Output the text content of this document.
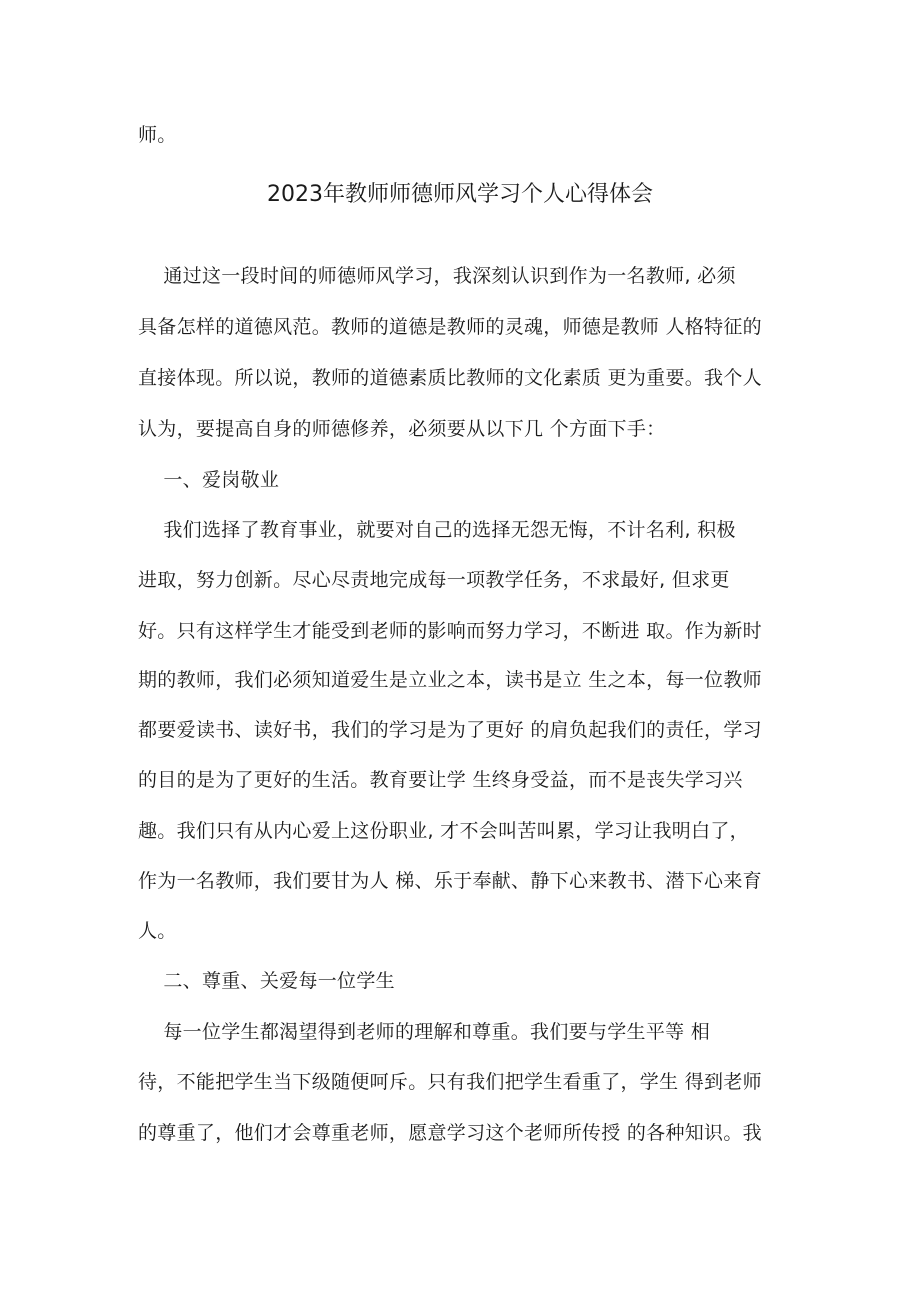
师。
2023年教师师德师风学习个人心得体会
通过这一段时间的师德师风学习，我深刻认识到作为一名教师, 必须
具备怎样的道德风范。教师的道德是教师的灵魂，师德是教师 人格特征的
直接体现。所以说，教师的道德素质比教师的文化素质 更为重要。我个人
认为，要提高自身的师德修养，必须要从以下几 个方面下手：
一、爱岗敬业
我们选择了教育事业，就要对自己的选择无怨无悔，不计名利, 积极
进取，努力创新。尽心尽责地完成每一项教学任务，不求最好, 但求更
好。只有这样学生才能受到老师的影响而努力学习，不断进 取。作为新时
期的教师，我们必须知道爱生是立业之本，读书是立 生之本，每一位教师
都要爱读书、读好书，我们的学习是为了更好 的肩负起我们的责任，学习
的目的是为了更好的生活。教育要让学 生终身受益，而不是丧失学习兴
趣。我们只有从内心爱上这份职业, 才不会叫苦叫累，学习让我明白了，
作为一名教师，我们要甘为人 梯、乐于奉献、静下心来教书、潜下心来育
人。
二、尊重、关爱每一位学生
每一位学生都渴望得到老师的理解和尊重。我们要与学生平等 相
待，不能把学生当下级随便呵斥。只有我们把学生看重了，学生 得到老师
的尊重了，他们才会尊重老师，愿意学习这个老师所传授 的各种知识。我
